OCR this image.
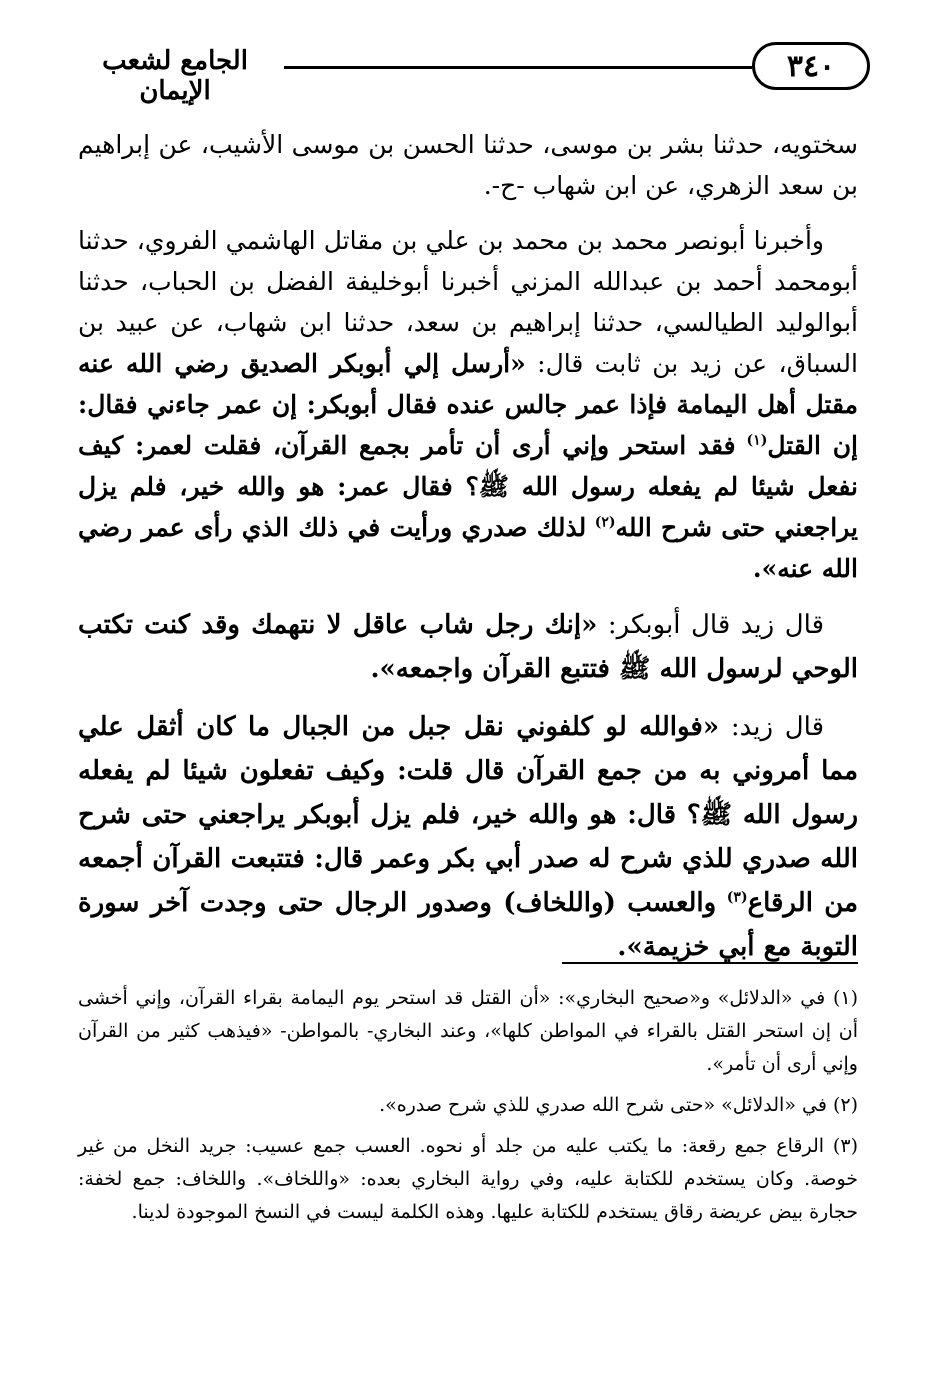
٣٤٠
الجامع لشعب الإيمان

سختويه، حدثنا بشر بن موسى، حدثنا الحسن بن موسى الأشيب، عن إبراهيم بن سعد الزهري، عن ابن شهاب -ح-.

وأخبرنا أبونصر محمد بن محمد بن علي بن مقاتل الهاشمي الفروي، حدثنا أبومحمد أحمد بن عبدالله المزني أخبرنا أبوخليفة الفضل بن الحباب، حدثنا أبوالوليد الطيالسي، حدثنا إبراهيم بن سعد، حدثنا ابن شهاب، عن عبيد بن السباق، عن زيد بن ثابت قال: «أرسل إلي أبوبكر الصديق رضي الله عنه مقتل أهل اليمامة فإذا عمر جالس عنده فقال أبوبكر: إن عمر جاءني فقال: إن القتل$^{(١)}$ فقد استحر وإني أرى أن تأمر بجمع القرآن، فقلت لعمر: كيف نفعل شيئا لم يفعله رسول الله ﷺ؟ فقال عمر: هو والله خير، فلم يزل يراجعني حتى شرح الله$^{(٢)}$ لذلك صدري ورأيت في ذلك الذي رأى عمر رضي الله عنه».

قال زيد قال أبوبكر: «إنك رجل شاب عاقل لا نتهمك وقد كنت تكتب الوحي لرسول الله ﷺ فتتبع القرآن واجمعه».

قال زيد: «فوالله لو كلفوني نقل جبل من الجبال ما كان أثقل علي مما أمروني به من جمع القرآن قال قلت: وكيف تفعلون شيئا لم يفعله رسول الله ﷺ؟ قال: هو والله خير، فلم يزل أبوبكر يراجعني حتى شرح الله صدري للذي شرح له صدر أبي بكر وعمر قال: فتتبعت القرآن أجمعه من الرقاع$^{(٣)}$ والعسب (واللخاف) وصدور الرجال حتى وجدت آخر سورة التوبة مع أبي خزيمة».

(١) في «الدلائل» و«صحيح البخاري»: «أن القتل قد استحر يوم اليمامة بقراء القرآن، وإني أخشى أن إن استحر القتل بالقراء في المواطن كلها»، وعند البخاري- بالمواطن- «فيذهب كثير من القرآن وإني أرى أن تأمر».

(٢) في «الدلائل» «حتى شرح الله صدري للذي شرح صدره».

(٣) الرقاع جمع رقعة: ما يكتب عليه من جلد أو نحوه. العسب جمع عسيب: جريد النخل من غير خوصة. وكان يستخدم للكتابة عليه، وفي رواية البخاري بعده: «واللخاف». واللخاف: جمع لخفة: حجارة بيض عريضة رقاق يستخدم للكتابة عليها. وهذه الكلمة ليست في النسخ الموجودة لدينا.
